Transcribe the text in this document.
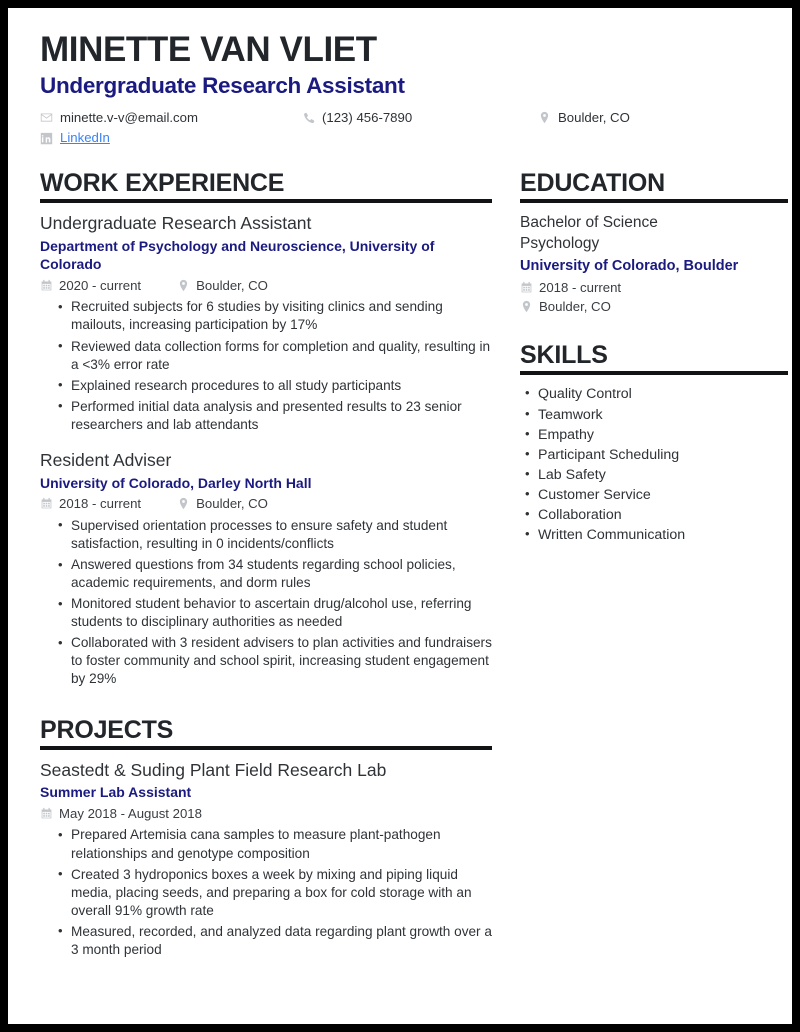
MINETTE VAN VLIET
Undergraduate Research Assistant
minette.v-v@email.com	(123) 456-7890	Boulder, CO
LinkedIn
WORK EXPERIENCE
Undergraduate Research Assistant
Department of Psychology and Neuroscience, University of Colorado
2020 - current	Boulder, CO
• Recruited subjects for 6 studies by visiting clinics and sending mailouts, increasing participation by 17%
• Reviewed data collection forms for completion and quality, resulting in a <3% error rate
• Explained research procedures to all study participants
• Performed initial data analysis and presented results to 23 senior researchers and lab attendants
Resident Adviser
University of Colorado, Darley North Hall
2018 - current	Boulder, CO
• Supervised orientation processes to ensure safety and student satisfaction, resulting in 0 incidents/conflicts
• Answered questions from 34 students regarding school policies, academic requirements, and dorm rules
• Monitored student behavior to ascertain drug/alcohol use, referring students to disciplinary authorities as needed
• Collaborated with 3 resident advisers to plan activities and fundraisers to foster community and school spirit, increasing student engagement by 29%
PROJECTS
Seastedt & Suding Plant Field Research Lab
Summer Lab Assistant
May 2018 - August 2018
• Prepared Artemisia cana samples to measure plant-pathogen relationships and genotype composition
• Created 3 hydroponics boxes a week by mixing and piping liquid media, placing seeds, and preparing a box for cold storage with an overall 91% growth rate
• Measured, recorded, and analyzed data regarding plant growth over a 3 month period
EDUCATION
Bachelor of Science
Psychology
University of Colorado, Boulder
2018 - current
Boulder, CO
SKILLS
• Quality Control
• Teamwork
• Empathy
• Participant Scheduling
• Lab Safety
• Customer Service
• Collaboration
• Written Communication
